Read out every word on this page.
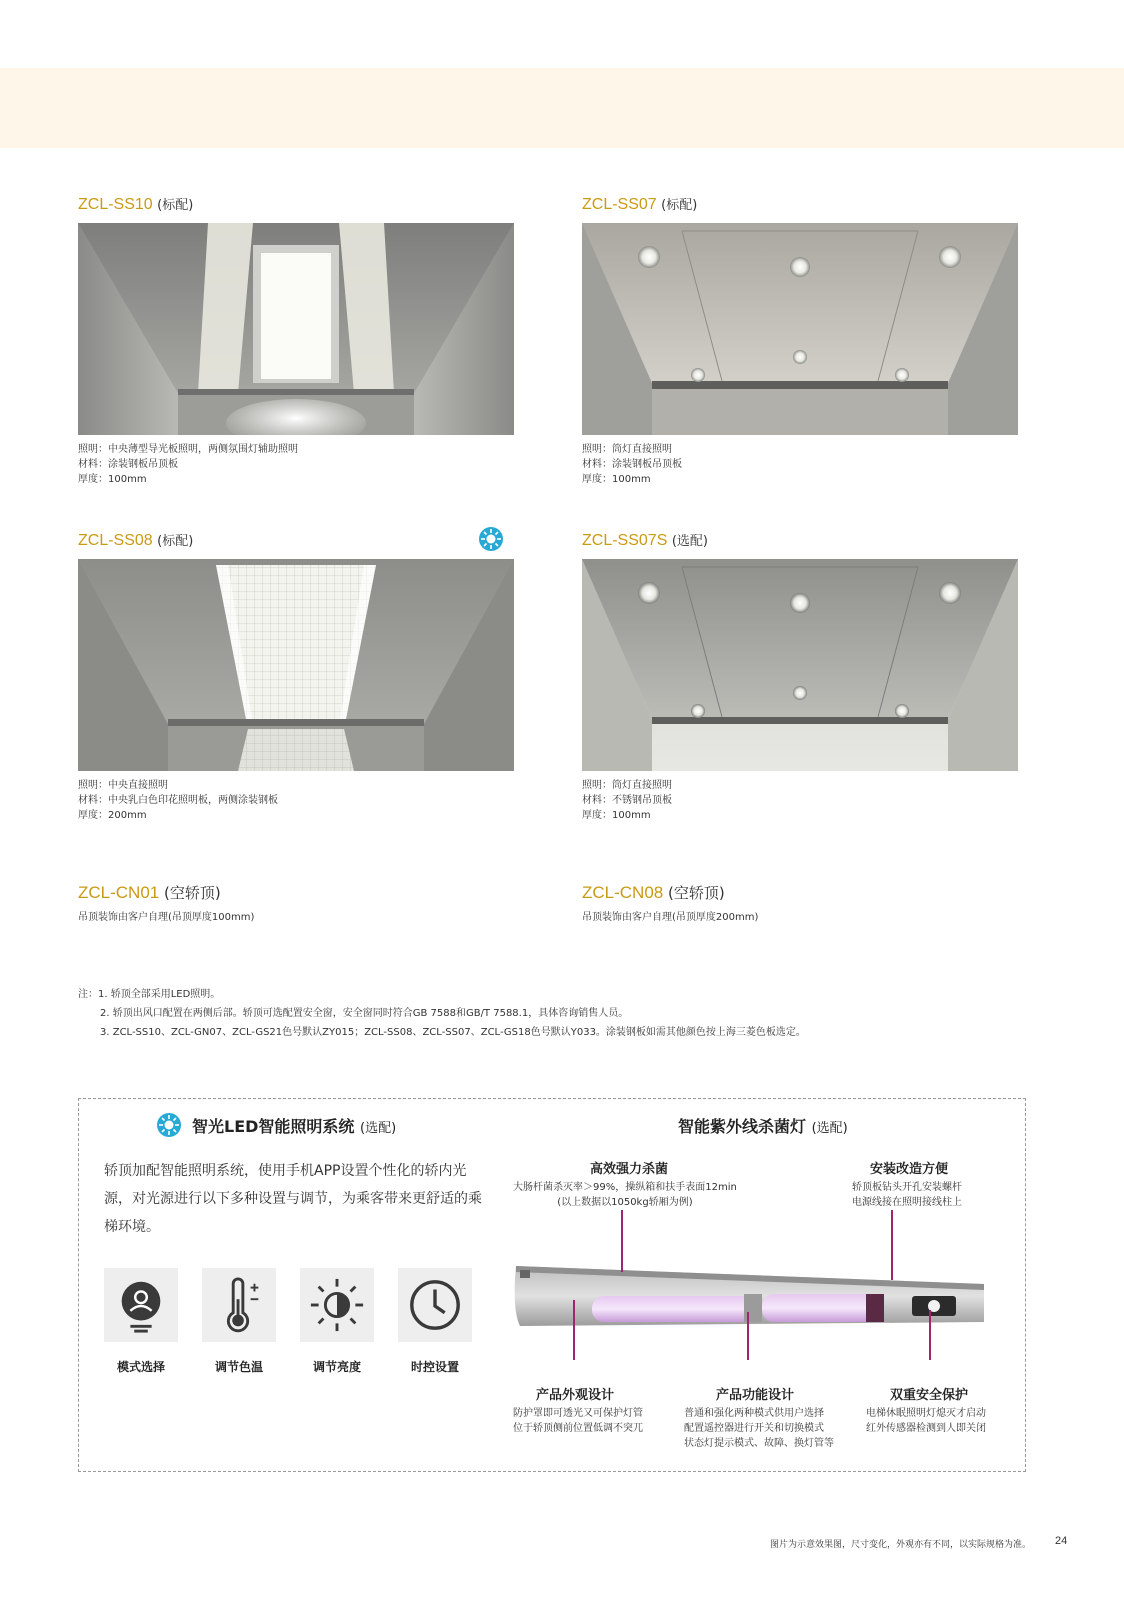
ZCL-SS10 (标配)
照明：中央薄型导光板照明，两侧氛围灯辅助照明
材料：涂装钢板吊顶板
厚度：100mm
ZCL-SS07 (标配)
照明：筒灯直接照明
材料：涂装钢板吊顶板
厚度：100mm
ZCL-SS08 (标配)
照明：中央直接照明
材料：中央乳白色印花照明板，两侧涂装钢板
厚度：200mm
ZCL-SS07S (选配)
照明：筒灯直接照明
材料：不锈钢吊顶板
厚度：100mm
ZCL-CN01 (空轿顶)
吊顶装饰由客户自理(吊顶厚度100mm)
ZCL-CN08 (空轿顶)
吊顶装饰由客户自理(吊顶厚度200mm)
注：1. 轿顶全部采用LED照明。
2. 轿顶出风口配置在两侧后部。轿顶可选配置安全窗，安全窗同时符合GB 7588和GB/T 7588.1，具体咨询销售人员。
3. ZCL-SS10、ZCL-GN07、ZCL-GS21色号默认ZY015；ZCL-SS08、ZCL-SS07、ZCL-GS18色号默认Y033。涂装钢板如需其他颜色按上海三菱色板选定。
智光LED智能照明系统 (选配)
轿顶加配智能照明系统，使用手机APP设置个性化的轿内光源，对光源进行以下多种设置与调节，为乘客带来更舒适的乘梯环境。
模式选择	调节色温	调节亮度	时控设置
智能紫外线杀菌灯 (选配)
高效强力杀菌
大肠杆菌杀灭率＞99%，操纵箱和扶手表面12min
(以上数据以1050kg轿厢为例)
安装改造方便
轿顶板钻头开孔安装螺杆
电源线接在照明接线柱上
产品外观设计
防护罩即可透光又可保护灯管
位于轿顶侧前位置低调不突兀
产品功能设计
普通和强化两种模式供用户选择
配置遥控器进行开关和切换模式
状态灯提示模式、故障、换灯管等
双重安全保护
电梯休眠照明灯熄灭才启动
红外传感器检测到人即关闭
图片为示意效果图，尺寸变化，外观亦有不同，以实际规格为准。 24
